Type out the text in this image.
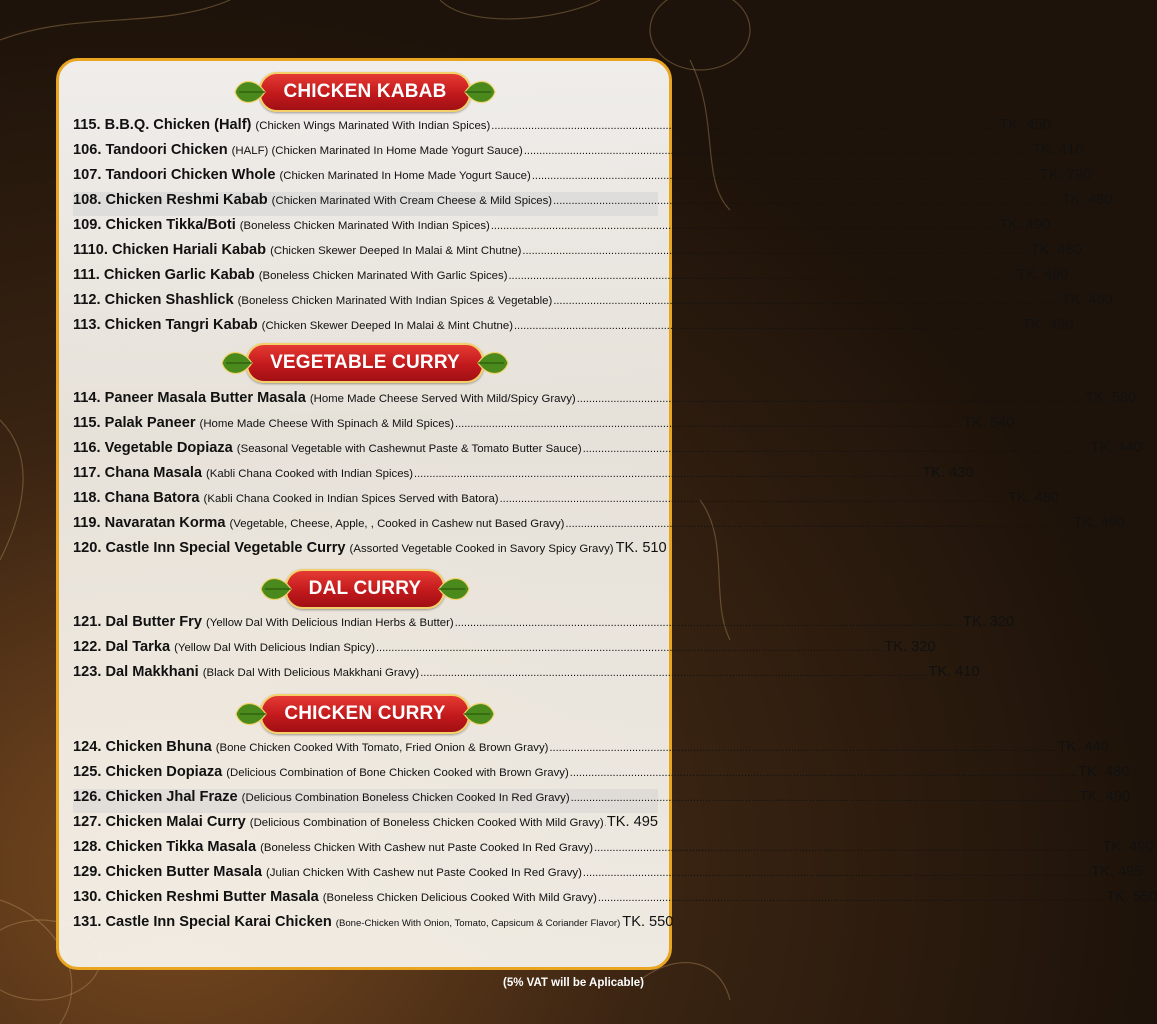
CHICKEN KABAB
115. B.B.Q. Chicken (Half) (Chicken Wings Marinated With Indian Spices) .....	TK. 450
106. Tandoori Chicken (HALF) (Chicken Marinated In Home Made Yogurt Sauce) .....	TK. 410
107. Tandoori Chicken Whole (Chicken Marinated In Home Made Yogurt Sauce) .....	TK. 790
108. Chicken Reshmi Kabab (Chicken Marinated With Cream Cheese & Mild Spices) .....	TK. 480
109. Chicken Tikka/Boti (Boneless Chicken Marinated With Indian Spices) .....	TK. 490
1110. Chicken Hariali Kabab (Chicken Skewer Deeped In Malai & Mint Chutne) .....	TK. 480
111. Chicken Garlic Kabab (Boneless Chicken Marinated With Garlic Spices) .....	TK. 490
112. Chicken Shashlick (Boneless Chicken Marinated With Indian Spices & Vegetable) .....	TK. 460
113. Chicken Tangri Kabab (Chicken Skewer Deeped In Malai & Mint Chutne) .....	TK. 490
VEGETABLE CURRY
114. Paneer Masala Butter Masala (Home Made Cheese Served With Mild/Spicy Gravy) .....	TK. 580
115. Palak Paneer (Home Made Cheese With Spinach & Mild Spices) .....	TK. 540
116. Vegetable Dopiaza (Seasonal Vegetable with Cashewnut Paste & Tomato Butter Sauce) .....	TK. 440
117. Chana Masala (Kabli Chana Cooked with Indian Spices) .....	TK. 430
118. Chana Batora (Kabli Chana Cooked in Indian Spices Served with Batora) .....	TK. 480
119. Navaratan Korma (Vegetable, Cheese, Apple, , Cooked in Cashew nut Based Gravy) .....	TK. 490
120. Castle Inn Special Vegetable Curry (Assorted Vegetable Cooked in Savory Spicy Gravy) TK. 510
DAL CURRY
121. Dal Butter Fry (Yellow Dal With Delicious Indian Herbs & Butter) .....	TK. 320
122. Dal Tarka (Yellow Dal With Delicious Indian Spicy) .....	TK. 320
123. Dal Makkhani (Black Dal With Delicious Makkhani Gravy) .....	TK. 410
CHICKEN CURRY
124. Chicken Bhuna (Bone Chicken Cooked With Tomato, Fried Onion & Brown Gravy) .....	TK. 440
125. Chicken Dopiaza (Delicious Combination of Bone Chicken Cooked with Brown Gravy) .....	TK. 480
126. Chicken Jhal Fraze (Delicious Combination Boneless Chicken Cooked In Red Gravy) .....	TK. 490
127. Chicken Malai Curry (Delicious Combination of Boneless Chicken Cooked With Mild Gravy) ..... TK. 495
128. Chicken Tikka Masala (Boneless Chicken With Cashew nut Paste Cooked In Red Gravy) .....	TK. 490
129. Chicken Butter Masala (Julian Chicken With Cashew nut Paste Cooked In Red Gravy) .....	TK. 495
130. Chicken Reshmi Butter Masala (Boneless Chicken Delicious Cooked With Mild Gravy) .....	TK. 550
131. Castle Inn Special Karai Chicken (Bone-Chicken With Onion, Tomato, Capsicum & Coriander Flavor) TK. 550
(5% VAT will be Aplicable)
